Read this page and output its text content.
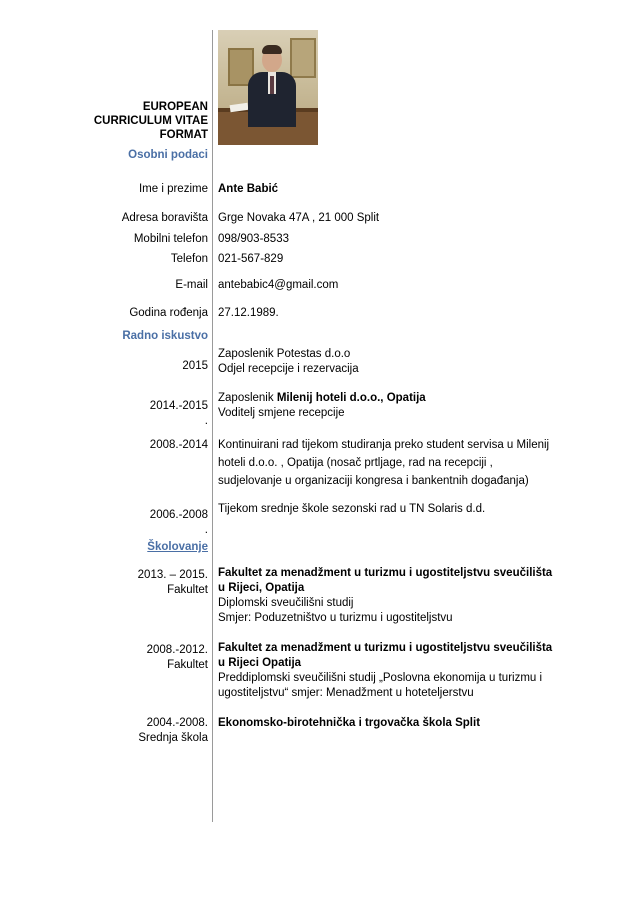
EUROPEAN
CURRICULUM VITAE
FORMAT
Osobni podaci
Ime i prezime Ante Babić
Adresa boravišta Grge Novaka 47A , 21 000 Split
Mobilni telefon 098/903-8533
Telefon 021-567-829
E-mail antebabic4@gmail.com
Godina rođenja 27.12.1989.
Radno iskustvo
2015
Zaposlenik Potestas d.o.o
Odjel recepcije i rezervacija
2014.-2015
.
Zaposlenik Milenij hoteli d.o.o., Opatija
Voditelj smjene recepcije
2008.-2014 Kontinuirani rad tijekom studiranja preko student servisa u Milenij
hoteli d.o.o. , Opatija (nosač prtljage, rad na recepciji ,
sudjelovanje u organizaciji kongresa i bankentnih događanja)
2006.-2008
.
Tijekom srednje škole sezonski rad u TN Solaris d.d.
Školovanje
2013. – 2015.
Fakultet
Fakultet za menadžment u turizmu i ugostiteljstvu sveučilišta
u Rijeci, Opatija
Diplomski sveučilišni studij
Smjer: Poduzetništvo u turizmu i ugostiteljstvu
2008.-2012.
Fakultet
Fakultet za menadžment u turizmu i ugostiteljstvu sveučilišta
u Rijeci Opatija
Preddiplomski sveučilišni studij „Poslovna ekonomija u turizmu i
ugostiteljstvu“ smjer: Menadžment u hoteteljerstvu
2004.-2008.
Srednja škola
Ekonomsko-birotehnička i trgovačka škola Split
